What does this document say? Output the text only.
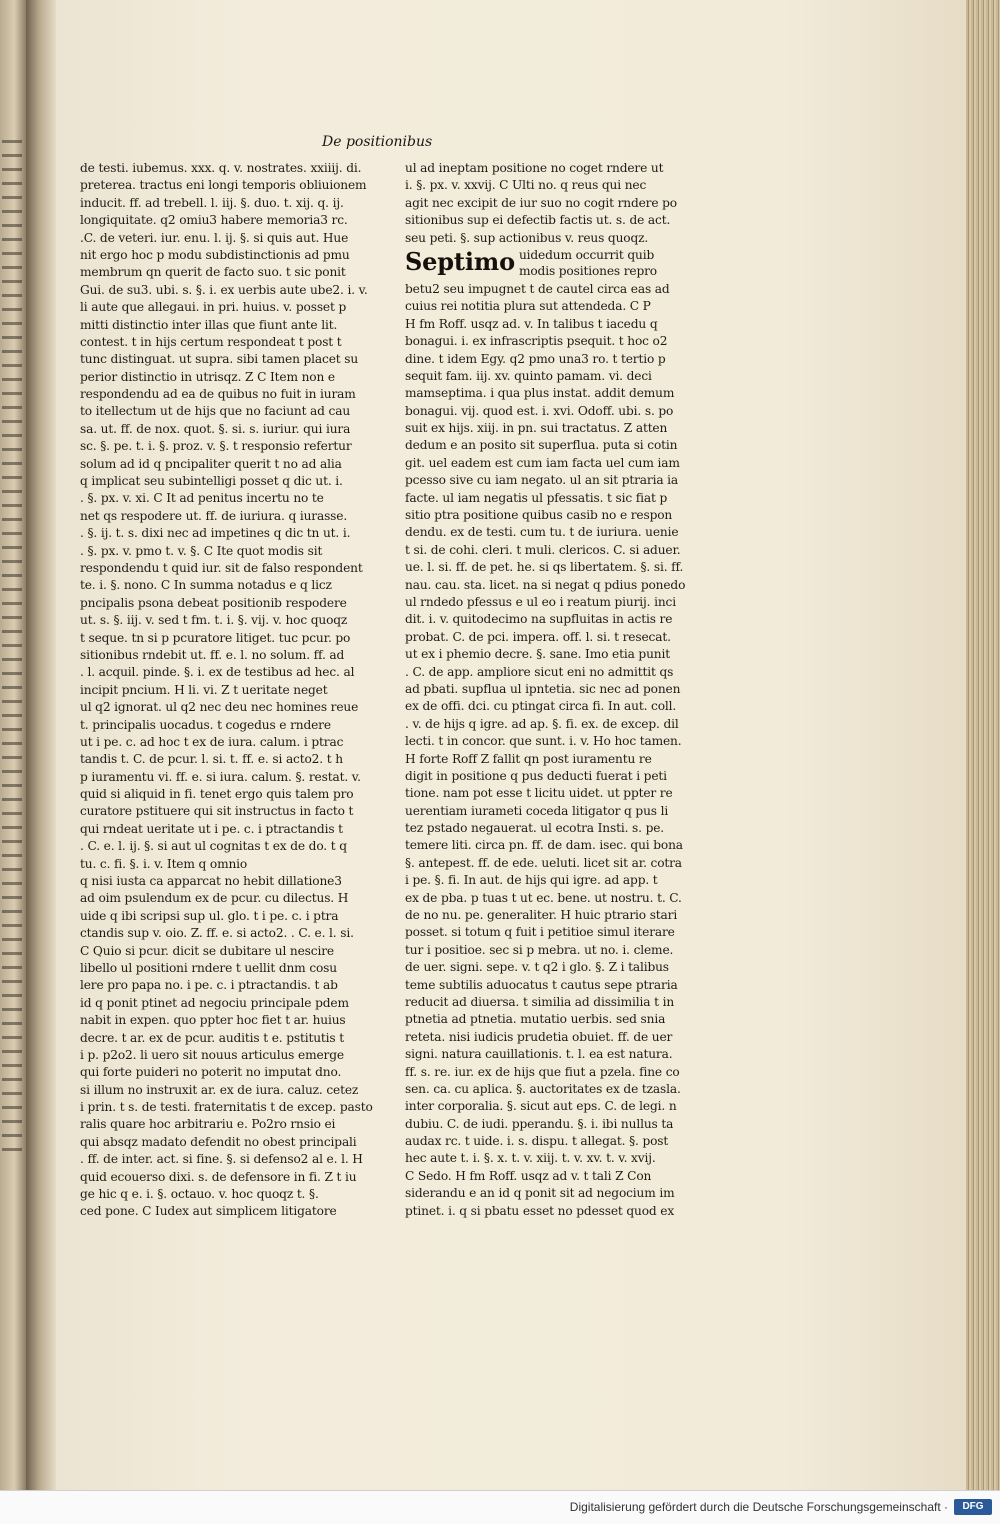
De positionibus
de testi. iubemus. xxx. q. v. nostrates. xxiiij. di.
preterea. tractus eni longi temporis obliuionem
inducit. ff. ad trebell. l. iij. §. duo. t. xij. q. ij.
longiquitate. q2 omiu3 habere memoria3 rc.
.C. de veteri. iur. enu. l. ij. §. si quis aut. Hue
nit ergo hoc p modu subdistinctionis ad pmu
membrum qn querit de facto suo. t sic ponit
Gui. de su3. ubi. s. §. i. ex uerbis aute ube2. i. v.
li aute que allegaui. in pri. huius. v. posset p
mitti distinctio inter illas que fiunt ante lit.
contest. t in hijs certum respondeat t post t
tunc distinguat. ut supra. sibi tamen placet su
perior distinctio in utrisqz. Z C Item non e
respondendu ad ea de quibus no fuit in iuram
to itellectum ut de hijs que no faciunt ad cau
sa. ut. ff. de nox. quot. §. si. s. iuriur. qui iura
sc. §. pe. t. i. §. proz. v. §. t responsio refertur
solum ad id q pncipaliter querit t no ad alia
q implicat seu subintelligi posset q dic ut. i.
. §. px. v. xi. C It ad penitus incertu no te
net qs respodere ut. ff. de iuriura. q iurasse.
. §. ij. t. s. dixi nec ad impetines q dic tn ut. i.
. §. px. v. pmo t. v. §. C Ite quot modis sit
respondendu t quid iur. sit de falso respondent
te. i. §. nono. C In summa notadus e q licz
pncipalis psona debeat positionib respodere
ut. s. §. iij. v. sed t fm. t. i. §. vij. v. hoc quoqz
t seque. tn si p pcuratore litiget. tuc pcur. po
sitionibus rndebit ut. ff. e. l. no solum. ff. ad
. l. acquil. pinde. §. i. ex de testibus ad hec. al
incipit pncium. H li. vi. Z t ueritate neget
ul q2 ignorat. ul q2 nec deu nec homines reue
t. principalis uocadus. t cogedus e rndere
ut i pe. c. ad hoc t ex de iura. calum. i ptrac
tandis t. C. de pcur. l. si. t. ff. e. si acto2. t h
p iuramentu vi. ff. e. si iura. calum. §. restat. v.
quid si aliquid in fi. tenet ergo quis talem pro
curatore pstituere qui sit instructus in facto t
qui rndeat ueritate ut i pe. c. i ptractandis t
. C. e. l. ij. §. si aut ul cognitas t ex de do. t q
tu. c. fi. §. i. v. Item q omnio
q nisi iusta ca apparcat no hebit dillatione3
ad oim psulendum ex de pcur. cu dilectus. H
uide q ibi scripsi sup ul. glo. t i pe. c. i ptra
ctandis sup v. oio. Z. ff. e. si acto2. . C. e. l. si.
C Quio si pcur. dicit se dubitare ul nescire
libello ul positioni rndere t uellit dnm cosu
lere pro papa no. i pe. c. i ptractandis. t ab
id q ponit ptinet ad negociu principale pdem
nabit in expen. quo ppter hoc fiet t ar. huius
decre. t ar. ex de pcur. auditis t e. pstitutis t
i p. p2o2. li uero sit nouus articulus emerge
qui forte puideri no poterit no imputat dno.
si illum no instruxit ar. ex de iura. caluz. cetez
i prin. t s. de testi. fraternitatis t de excep. pasto
ralis quare hoc arbitrariu e. Po2ro rnsio ei
qui absqz madato defendit no obest principali
. ff. de inter. act. si fine. §. si defenso2 al e. l. H
quid ecouerso dixi. s. de defensore in fi. Z t iu
ge hic q e. i. §. octauo. v. hoc quoqz t. §.
ced pone. C Iudex aut simplicem litigatore
ul ad ineptam positione no coget rndere ut
i. §. px. v. xxvij. C Ulti no. q reus qui nec
agit nec excipit de iur suo no cogit rndere po
sitionibus sup ei defectib factis ut. s. de act.
seu peti. §. sup actionibus v. reus quoqz.
Septimo uidedum occurrit quib
modis positiones repro
betu2 seu impugnet t de cautel circa eas ad
cuius rei notitia plura sut attendeda. C P
H fm Roff. usqz ad. v. In talibus t iacedu q
bonagui. i. ex infrascriptis psequit. t hoc o2
dine. t idem Egy. q2 pmo una3 ro. t tertio p
sequit fam. iij. xv. quinto pamam. vi. deci
mamseptima. i qua plus instat. addit demum
bonagui. vij. quod est. i. xvi. Odoff. ubi. s. po
suit ex hijs. xiij. in pn. sui tractatus. Z atten
dedum e an posito sit superflua. puta si cotin
git. uel eadem est cum iam facta uel cum iam
pcesso sive cu iam negato. ul an sit ptraria ia
facte. ul iam negatis ul pfessatis. t sic fiat p
sitio ptra positione quibus casib no e respon
dendu. ex de testi. cum tu. t de iuriura. uenie
t si. de cohi. cleri. t muli. clericos. C. si aduer.
ue. l. si. ff. de pet. he. si qs libertatem. §. si. ff.
nau. cau. sta. licet. na si negat q pdius ponedo
ul rndedo pfessus e ul eo i reatum piurij. inci
dit. i. v. quitodecimo na supfluitas in actis re
probat. C. de pci. impera. off. l. si. t resecat.
ut ex i phemio decre. §. sane. Imo etia punit
. C. de app. ampliore sicut eni no admittit qs
ad pbati. supflua ul ipntetia. sic nec ad ponen
ex de offi. dci. cu ptingat circa fi. In aut. coll.
. v. de hijs q igre. ad ap. §. fi. ex. de excep. dil
lecti. t in concor. que sunt. i. v. Ho hoc tamen.
H forte Roff Z fallit qn post iuramentu re
digit in positione q pus deducti fuerat i peti
tione. nam pot esse t licitu uidet. ut ppter re
uerentiam iurameti coceda litigator q pus li
tez pstado negauerat. ul ecotra Insti. s. pe.
temere liti. circa pn. ff. de dam. isec. qui bona
§. antepest. ff. de ede. ueluti. licet sit ar. cotra
i pe. §. fi. In aut. de hijs qui igre. ad app. t
ex de pba. p tuas t ut ec. bene. ut nostru. t. C.
de no nu. pe. generaliter. H huic ptrario stari
posset. si totum q fuit i petitioe simul iterare
tur i positioe. sec si p mebra. ut no. i. cleme.
de uer. signi. sepe. v. t q2 i glo. §. Z i talibus
teme subtilis aduocatus t cautus sepe ptraria
reducit ad diuersa. t similia ad dissimilia t in
ptnetia ad ptnetia. mutatio uerbis. sed snia
reteta. nisi iudicis prudetia obuiet. ff. de uer
signi. natura cauillationis. t. l. ea est natura.
ff. s. re. iur. ex de hijs que fiut a pzela. fine co
sen. ca. cu aplica. §. auctoritates ex de tzasla.
inter corporalia. §. sicut aut eps. C. de legi. n
dubiu. C. de iudi. pperandu. §. i. ibi nullus ta
audax rc. t uide. i. s. dispu. t allegat. §. post
hec aute t. i. §. x. t. v. xiij. t. v. xv. t. v. xvij.
C Sedo. H fm Roff. usqz ad v. t tali Z Con
siderandu e an id q ponit sit ad negocium im
ptinet. i. q si pbatu esset no pdesset quod ex
Digitalisierung gefördert durch die Deutsche Forschungsgemeinschaft ·	DFG
